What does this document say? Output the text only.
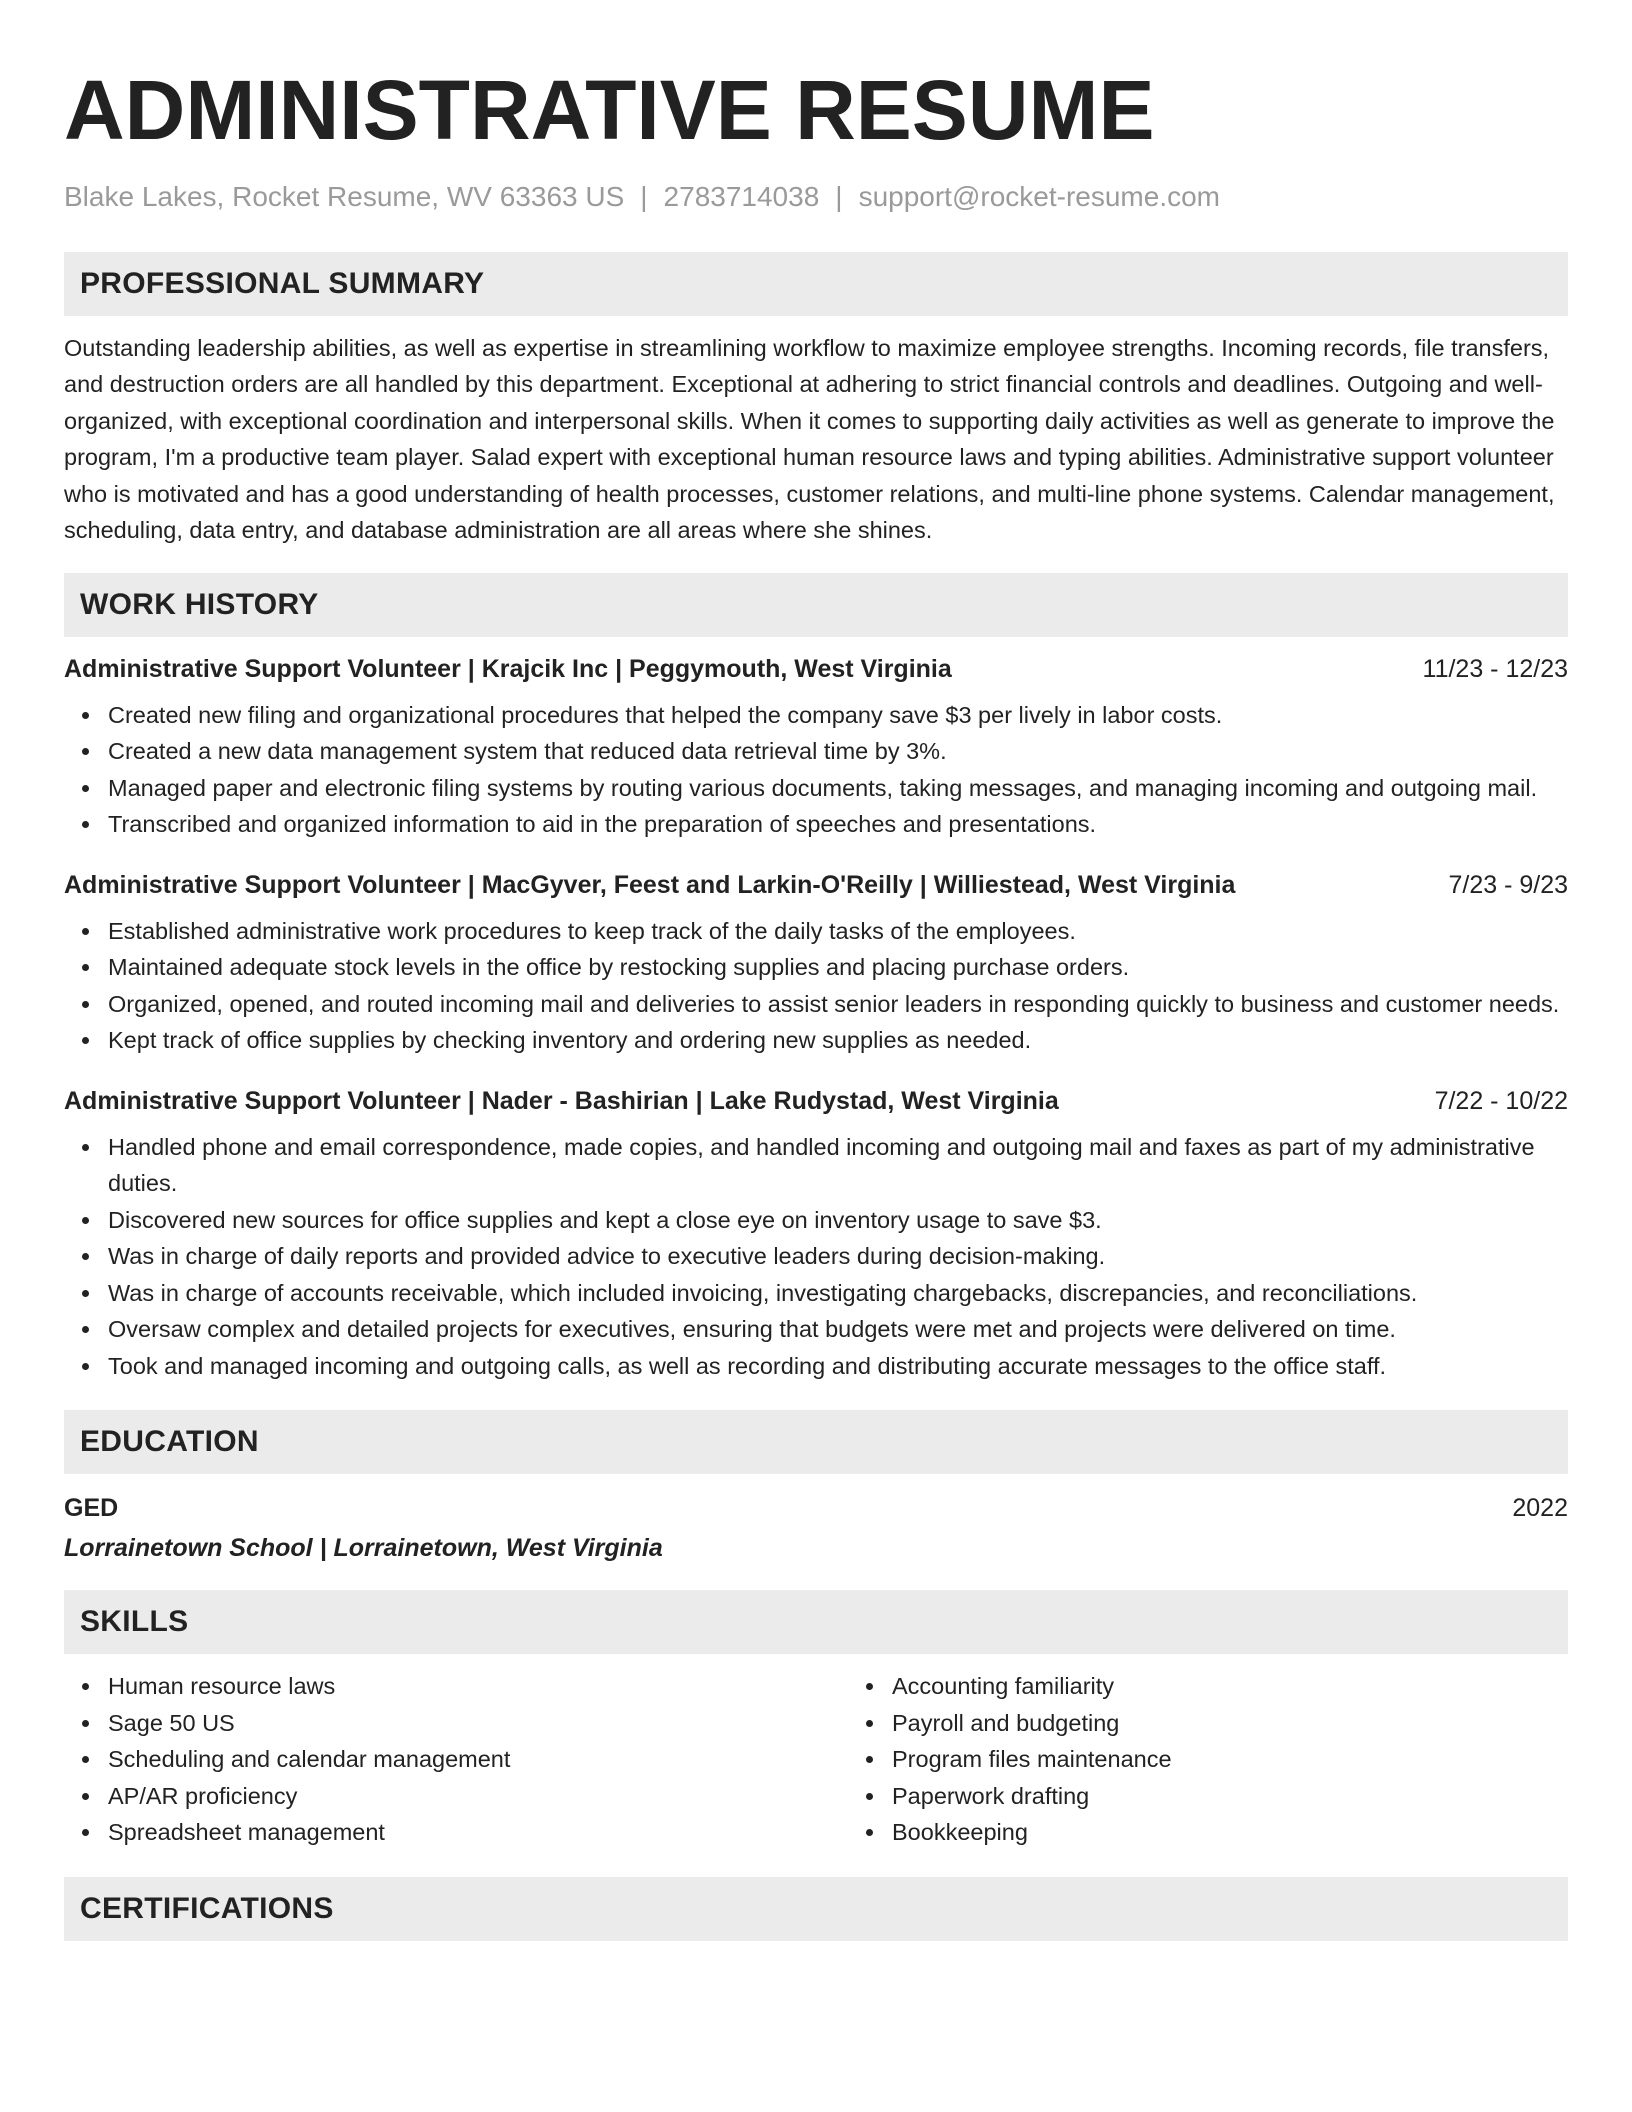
ADMINISTRATIVE RESUME
Blake Lakes, Rocket Resume, WV 63363 US | 2783714038 | support@rocket-resume.com
PROFESSIONAL SUMMARY
Outstanding leadership abilities, as well as expertise in streamlining workflow to maximize employee strengths. Incoming records, file transfers, and destruction orders are all handled by this department. Exceptional at adhering to strict financial controls and deadlines. Outgoing and well-organized, with exceptional coordination and interpersonal skills. When it comes to supporting daily activities as well as generate to improve the program, I'm a productive team player. Salad expert with exceptional human resource laws and typing abilities. Administrative support volunteer who is motivated and has a good understanding of health processes, customer relations, and multi-line phone systems. Calendar management, scheduling, data entry, and database administration are all areas where she shines.
WORK HISTORY
Administrative Support Volunteer | Krajcik Inc | Peggymouth, West Virginia	11/23 - 12/23
Created new filing and organizational procedures that helped the company save $3 per lively in labor costs.
Created a new data management system that reduced data retrieval time by 3%.
Managed paper and electronic filing systems by routing various documents, taking messages, and managing incoming and outgoing mail.
Transcribed and organized information to aid in the preparation of speeches and presentations.
Administrative Support Volunteer | MacGyver, Feest and Larkin-O'Reilly | Williestead, West Virginia	7/23 - 9/23
Established administrative work procedures to keep track of the daily tasks of the employees.
Maintained adequate stock levels in the office by restocking supplies and placing purchase orders.
Organized, opened, and routed incoming mail and deliveries to assist senior leaders in responding quickly to business and customer needs.
Kept track of office supplies by checking inventory and ordering new supplies as needed.
Administrative Support Volunteer | Nader - Bashirian | Lake Rudystad, West Virginia	7/22 - 10/22
Handled phone and email correspondence, made copies, and handled incoming and outgoing mail and faxes as part of my administrative duties.
Discovered new sources for office supplies and kept a close eye on inventory usage to save $3.
Was in charge of daily reports and provided advice to executive leaders during decision-making.
Was in charge of accounts receivable, which included invoicing, investigating chargebacks, discrepancies, and reconciliations.
Oversaw complex and detailed projects for executives, ensuring that budgets were met and projects were delivered on time.
Took and managed incoming and outgoing calls, as well as recording and distributing accurate messages to the office staff.
EDUCATION
GED	2022
Lorrainetown School | Lorrainetown, West Virginia
SKILLS
Human resource laws
Sage 50 US
Scheduling and calendar management
AP/AR proficiency
Spreadsheet management
Accounting familiarity
Payroll and budgeting
Program files maintenance
Paperwork drafting
Bookkeeping
CERTIFICATIONS
